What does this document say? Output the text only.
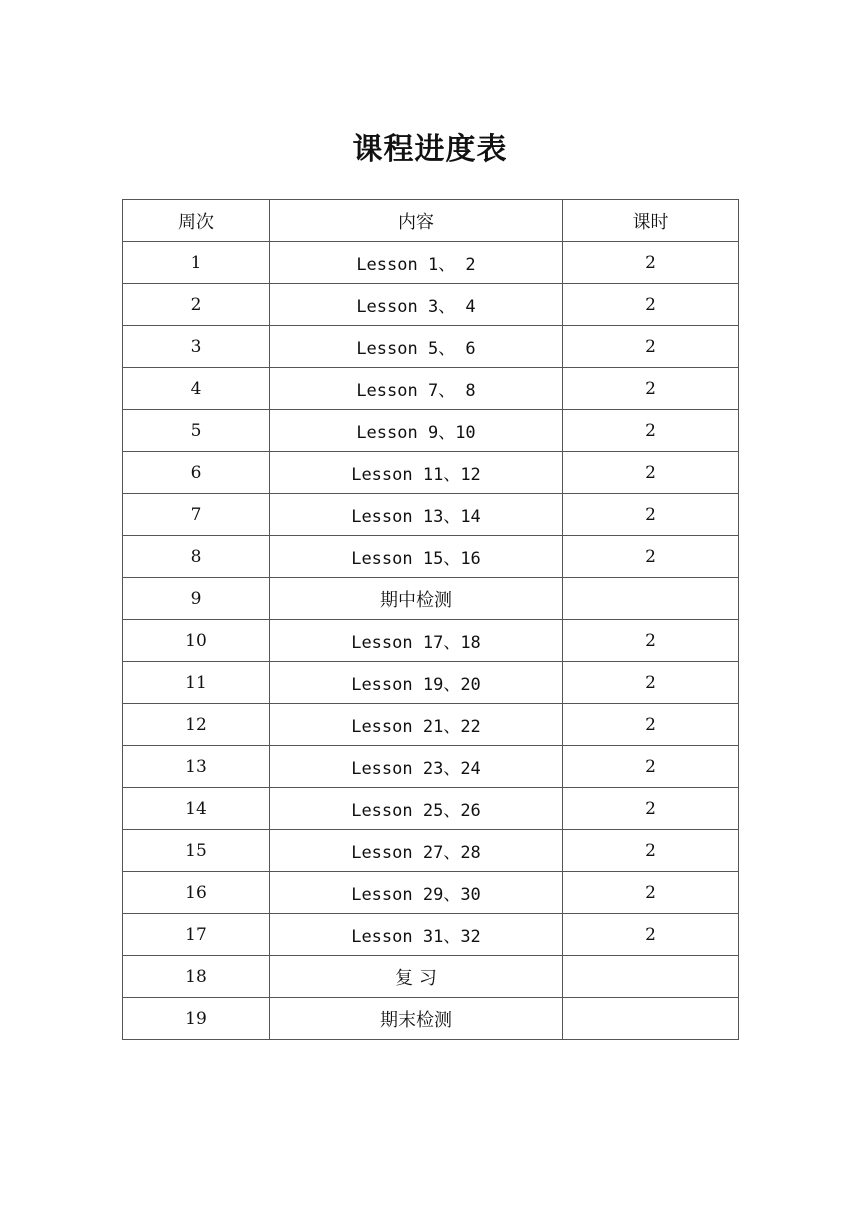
课程进度表
周次	内容	课时
1	Lesson 1、 2	2
2	Lesson 3、 4	2
3	Lesson 5、 6	2
4	Lesson 7、 8	2
5	Lesson 9、10	2
6	Lesson 11、12	2
7	Lesson 13、14	2
8	Lesson 15、16	2
9	期中检测	
10	Lesson 17、18	2
11	Lesson 19、20	2
12	Lesson 21、22	2
13	Lesson 23、24	2
14	Lesson 25、26	2
15	Lesson 27、28	2
16	Lesson 29、30	2
17	Lesson 31、32	2
18	复 习	
19	期末检测	
